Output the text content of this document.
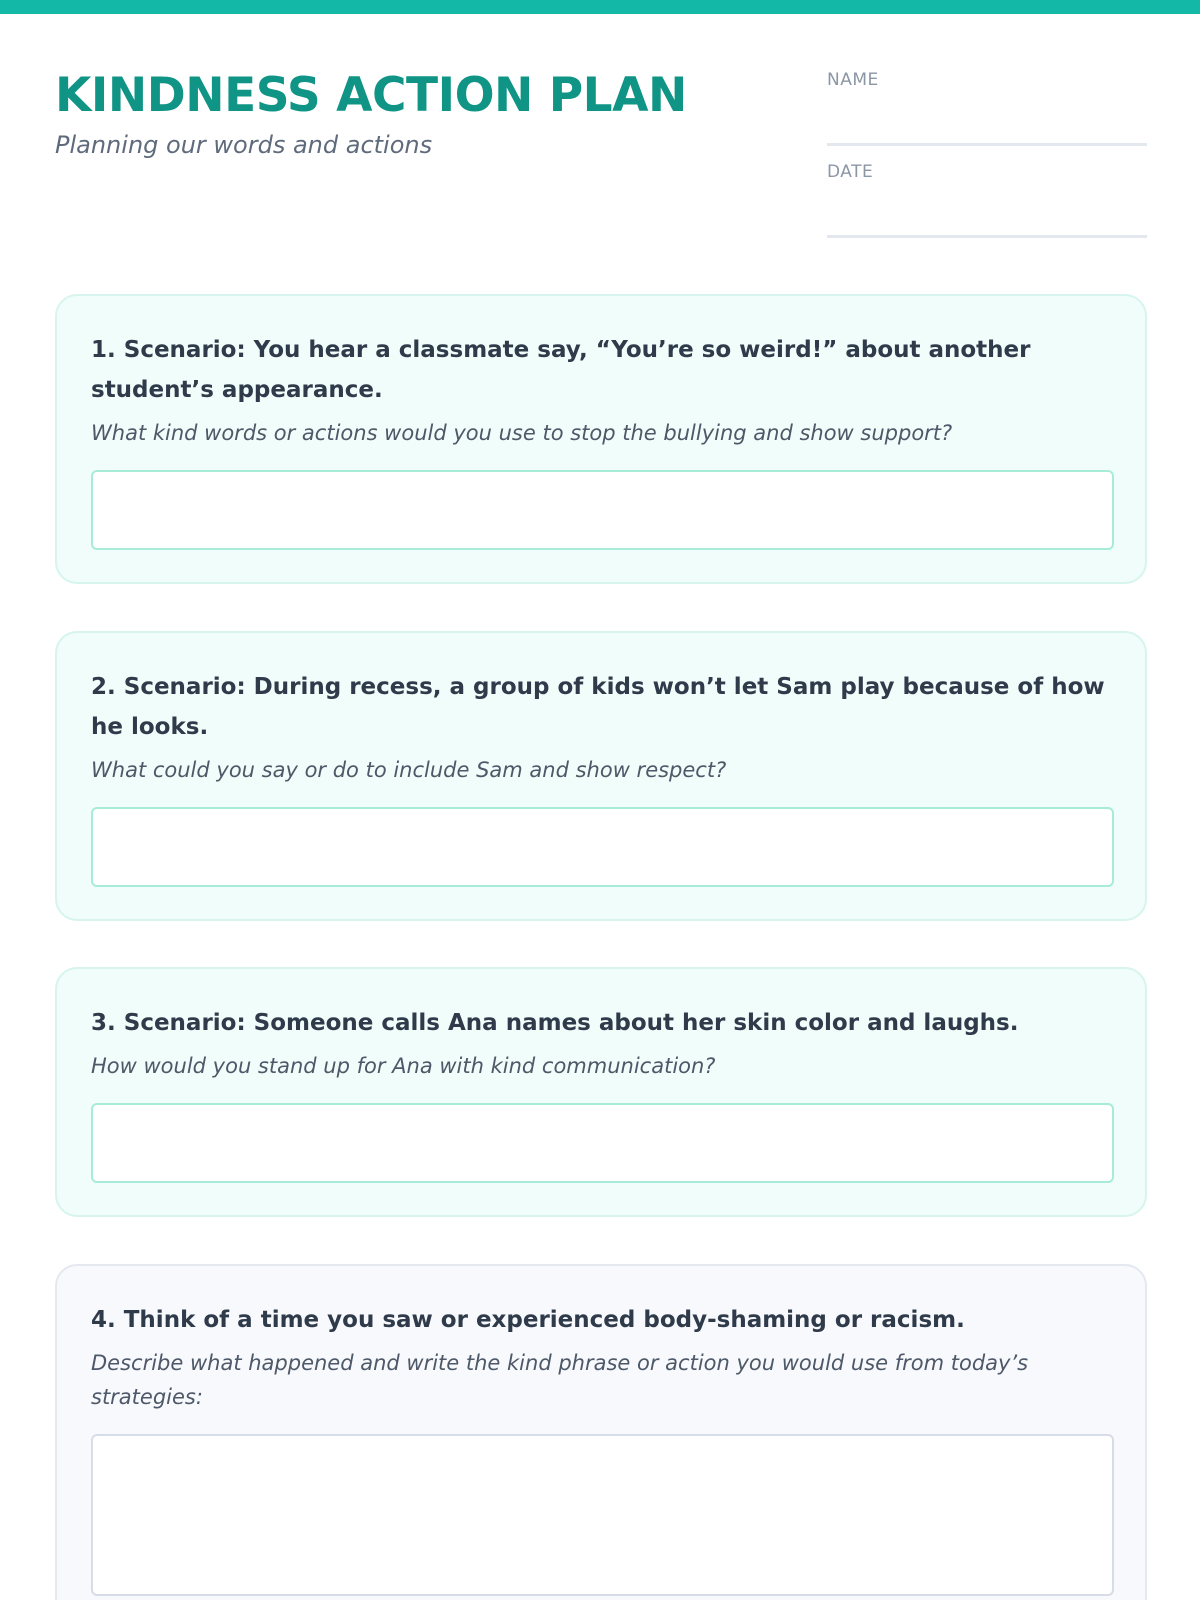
KINDNESS ACTION PLAN
Planning our words and actions
NAME
DATE
1. Scenario: You hear a classmate say, “You’re so weird!” about another student’s appearance.
What kind words or actions would you use to stop the bullying and show support?
2. Scenario: During recess, a group of kids won’t let Sam play because of how he looks.
What could you say or do to include Sam and show respect?
3. Scenario: Someone calls Ana names about her skin color and laughs.
How would you stand up for Ana with kind communication?
4. Think of a time you saw or experienced body-shaming or racism.
Describe what happened and write the kind phrase or action you would use from today’s strategies:
